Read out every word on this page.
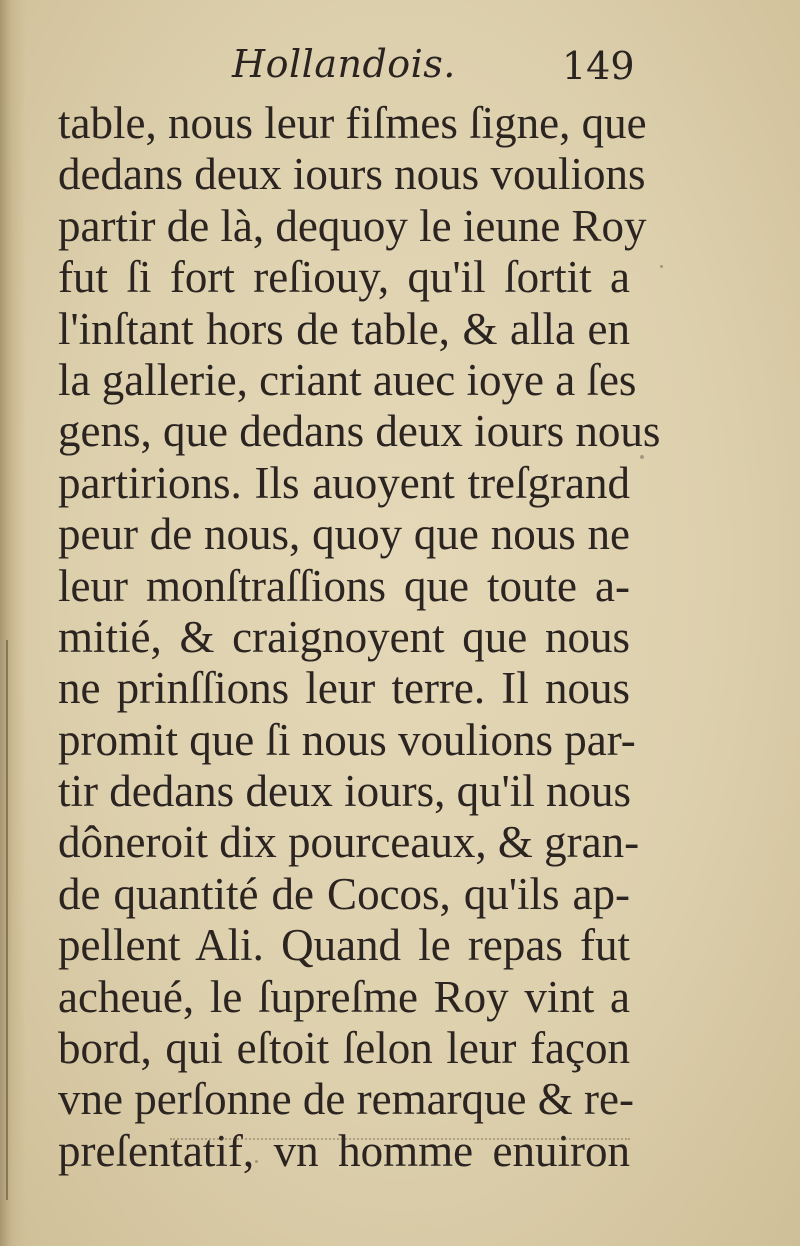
Hollandois.	149
table, nous leur fiſmes ſigne, que
dedans deux iours nous voulions
partir de là, dequoy le ieune Roy
fut ſi fort reſiouy, qu'il ſortit a
l'inſtant hors de table, & alla en
la gallerie, criant auec ioye a ſes
gens, que dedans deux iours nous
partirions. Ils auoyent treſgrand
peur de nous, quoy que nous ne
leur monſtraſſions que toute a-
mitié, & craignoyent que nous
ne prinſſions leur terre. Il nous
promit que ſi nous voulions par-
tir dedans deux iours, qu'il nous
dôneroit dix pourceaux, & gran-
de quantité de Cocos, qu'ils ap-
pellent Ali. Quand le repas fut
acheué, le ſupreſme Roy vint a
bord, qui eſtoit ſelon leur façon
vne perſonne de remarque & re-
preſentatif, vn homme enuiron
